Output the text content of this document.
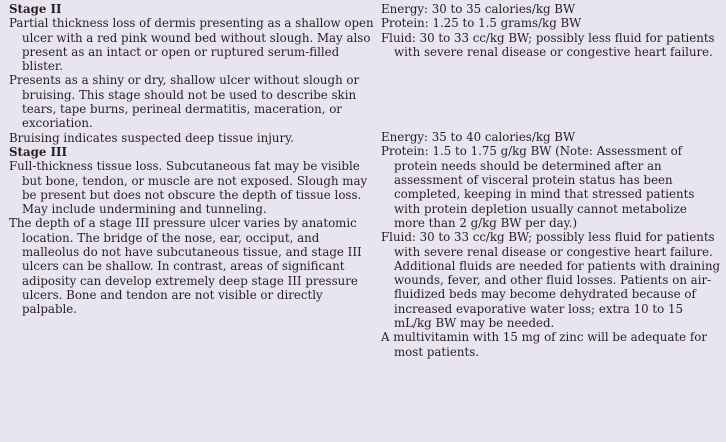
Stage II

Partial thickness loss of dermis presenting as a shallow open ulcer with a red pink wound bed without slough. May also present as an intact or open or ruptured serum-filled blister.

Presents as a shiny or dry, shallow ulcer without slough or bruising. This stage should not be used to describe skin tears, tape burns, perineal dermatitis, maceration, or excoriation.

Bruising indicates suspected deep tissue injury.

Stage III

Full-thickness tissue loss. Subcutaneous fat may be visible but bone, tendon, or muscle are not exposed. Slough may be present but does not obscure the depth of tissue loss. May include undermining and tunneling.

The depth of a stage III pressure ulcer varies by anatomic location. The bridge of the nose, ear, occiput, and malleolus do not have subcutaneous tissue, and stage III ulcers can be shallow. In contrast, areas of significant adiposity can develop extremely deep stage III pressure ulcers. Bone and tendon are not visible or directly palpable.

Energy: 30 to 35 calories/kg BW

Protein: 1.25 to 1.5 grams/kg BW

Fluid: 30 to 33 cc/kg BW; possibly less fluid for patients with severe renal disease or congestive heart failure.

Energy: 35 to 40 calories/kg BW

Protein: 1.5 to 1.75 g/kg BW (Note: Assessment of protein needs should be determined after an assessment of visceral protein status has been completed, keeping in mind that stressed patients with protein depletion usually cannot metabolize more than 2 g/kg BW per day.)

Fluid: 30 to 33 cc/kg BW; possibly less fluid for patients with severe renal disease or congestive heart failure. Additional fluids are needed for patients with draining wounds, fever, and other fluid losses. Patients on air-fluidized beds may become dehydrated because of increased evaporative water loss; extra 10 to 15 mL/kg BW may be needed.

A multivitamin with 15 mg of zinc will be adequate for most patients.
